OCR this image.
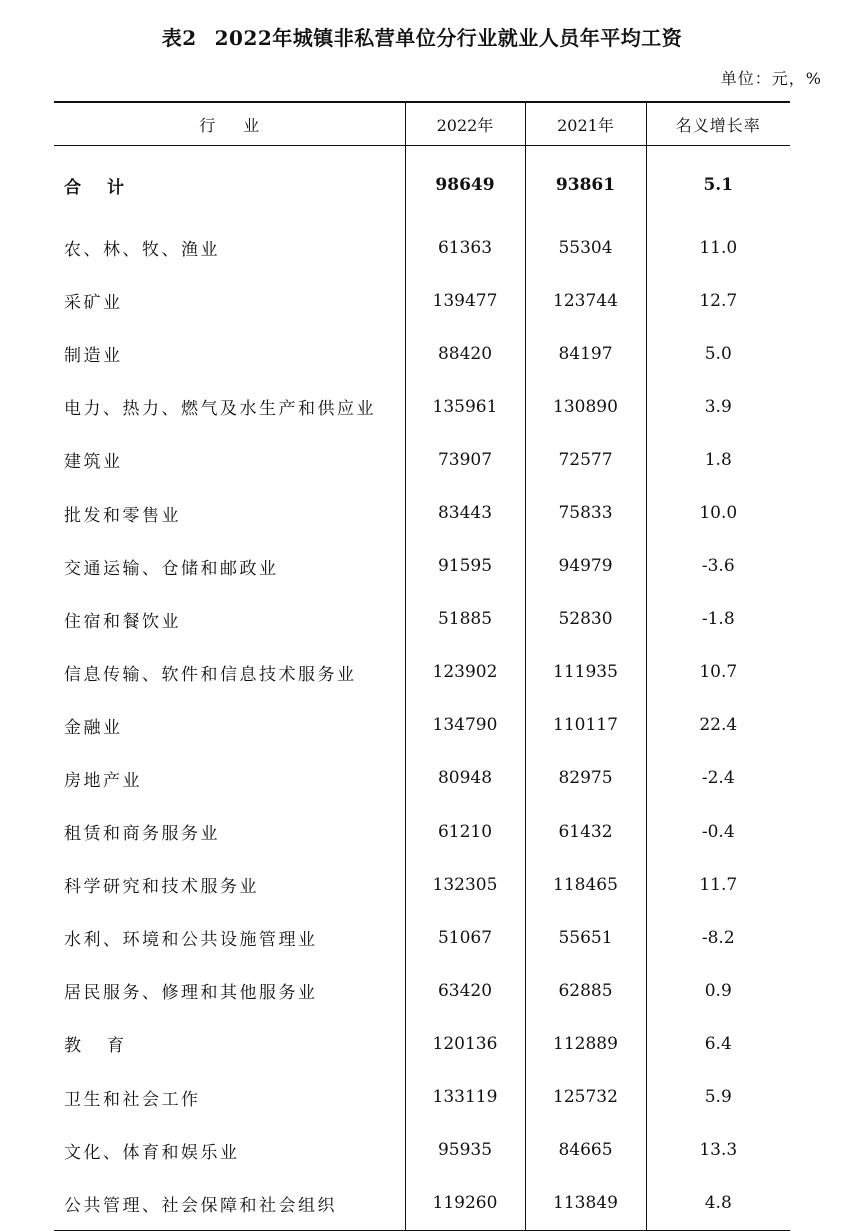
表2 2022年城镇非私营单位分行业就业人员年平均工资
单位：元，%
行业	2022年	2021年	名义增长率
合计	98649	93861	5.1
农、林、牧、渔业	61363	55304	11.0
采矿业	139477	123744	12.7
制造业	88420	84197	5.0
电力、热力、燃气及水生产和供应业	135961	130890	3.9
建筑业	73907	72577	1.8
批发和零售业	83443	75833	10.0
交通运输、仓储和邮政业	91595	94979	-3.6
住宿和餐饮业	51885	52830	-1.8
信息传输、软件和信息技术服务业	123902	111935	10.7
金融业	134790	110117	22.4
房地产业	80948	82975	-2.4
租赁和商务服务业	61210	61432	-0.4
科学研究和技术服务业	132305	118465	11.7
水利、环境和公共设施管理业	51067	55651	-8.2
居民服务、修理和其他服务业	63420	62885	0.9
教育	120136	112889	6.4
卫生和社会工作	133119	125732	5.9
文化、体育和娱乐业	95935	84665	13.3
公共管理、社会保障和社会组织	119260	113849	4.8
